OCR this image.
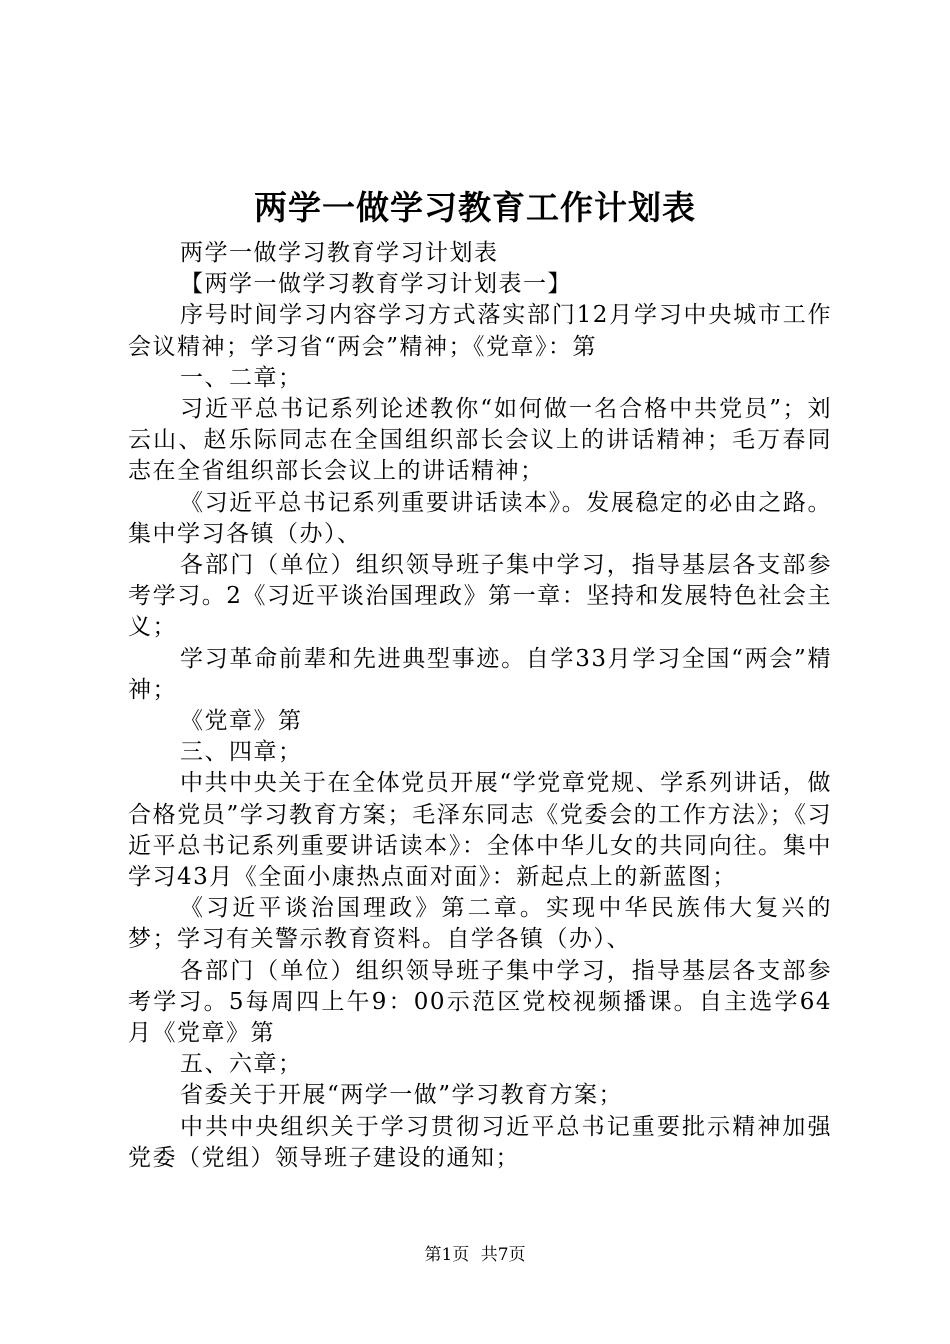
两学一做学习教育工作计划表

两学一做学习教育学习计划表

【两学一做学习教育学习计划表一】

序号时间学习内容学习方式落实部门12月学习中央城市工作会议精神；学习省“两会”精神；《党章》：第

一、二章；

习近平总书记系列论述教你“如何做一名合格中共党员”；刘云山、赵乐际同志在全国组织部长会议上的讲话精神；毛万春同志在全省组织部长会议上的讲话精神；

《习近平总书记系列重要讲话读本》。发展稳定的必由之路。集中学习各镇（办）、

各部门（单位）组织领导班子集中学习，指导基层各支部参考学习。2《习近平谈治国理政》第一章：坚持和发展特色社会主义；

学习革命前辈和先进典型事迹。自学33月学习全国“两会”精神；

《党章》第

三、四章；

中共中央关于在全体党员开展“学党章党规、学系列讲话，做合格党员”学习教育方案；毛泽东同志《党委会的工作方法》；《习近平总书记系列重要讲话读本》：全体中华儿女的共同向往。集中学习43月《全面小康热点面对面》：新起点上的新蓝图；

《习近平谈治国理政》第二章。实现中华民族伟大复兴的梦；学习有关警示教育资料。自学各镇（办）、

各部门（单位）组织领导班子集中学习，指导基层各支部参考学习。5每周四上午9：00示范区党校视频播课。自主选学64月《党章》第

五、六章；

省委关于开展“两学一做”学习教育方案；

中共中央组织关于学习贯彻习近平总书记重要批示精神加强党委（党组）领导班子建设的通知；

第1页 共7页
